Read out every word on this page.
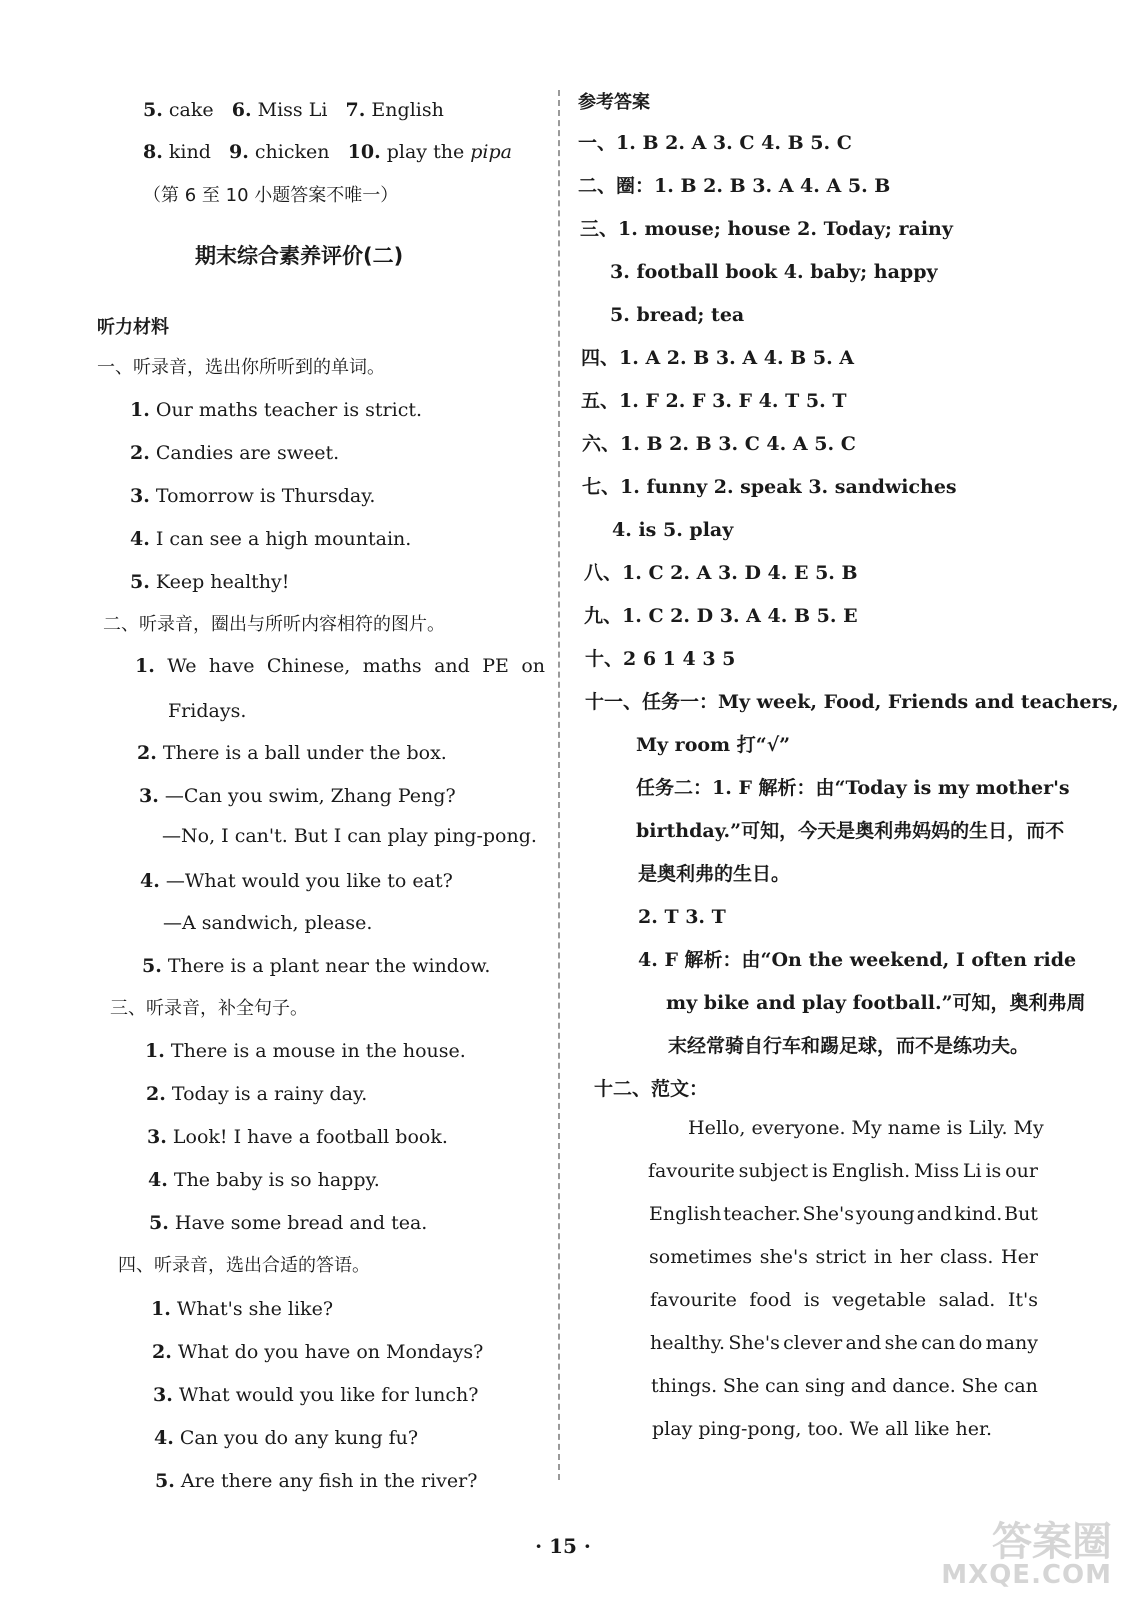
5. cake 6. Miss Li 7. English
8. kind 9. chicken 10. play the pipa
（第 6 至 10 小题答案不唯一）
期末综合素养评价(二)
听力材料
一、听录音，选出你所听到的单词。
1. Our maths teacher is strict.
2. Candies are sweet.
3. Tomorrow is Thursday.
4. I can see a high mountain.
5. Keep healthy!
二、听录音，圈出与所听内容相符的图片。
1. We have Chinese, maths and PE on
Fridays.
2. There is a ball under the box.
3. —Can you swim, Zhang Peng?
—No, I can't. But I can play ping-pong.
4. —What would you like to eat?
—A sandwich, please.
5. There is a plant near the window.
三、听录音，补全句子。
1. There is a mouse in the house.
2. Today is a rainy day.
3. Look! I have a football book.
4. The baby is so happy.
5. Have some bread and tea.
四、听录音，选出合适的答语。
1. What's she like?
2. What do you have on Mondays?
3. What would you like for lunch?
4. Can you do any kung fu?
5. Are there any fish in the river?
参考答案
一、1. B 2. A 3. C 4. B 5. C
二、圈：1. B 2. B 3. A 4. A 5. B
三、1. mouse; house 2. Today; rainy
3. football book 4. baby; happy
5. bread; tea
四、1. A 2. B 3. A 4. B 5. A
五、1. F 2. F 3. F 4. T 5. T
六、1. B 2. B 3. C 4. A 5. C
七、1. funny 2. speak 3. sandwiches
4. is 5. play
八、1. C 2. A 3. D 4. E 5. B
九、1. C 2. D 3. A 4. B 5. E
十、2 6 1 4 3 5
十一、任务一：My week, Food, Friends and teachers,
My room 打“√”
任务二：1. F 解析：由“Today is my mother's
birthday.”可知，今天是奥利弗妈妈的生日，而不
是奥利弗的生日。
2. T 3. T
4. F 解析：由“On the weekend, I often ride
my bike and play football.”可知，奥利弗周
末经常骑自行车和踢足球，而不是练功夫。
十二、范文：
Hello, everyone. My name is Lily. My
favourite subject is English. Miss Li is our
English teacher. She's young and kind. But
sometimes she's strict in her class. Her
favourite food is vegetable salad. It's
healthy. She's clever and she can do many
things. She can sing and dance. She can
play ping-pong, too. We all like her.
· 15 ·	答案圈
MXQE.COM
